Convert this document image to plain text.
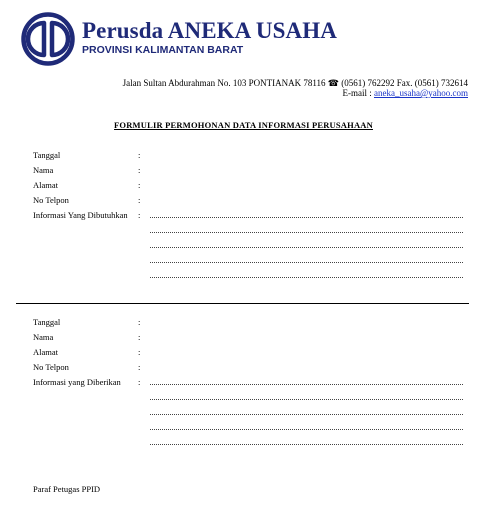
Perusda ANEKA USAHA
PROVINSI KALIMANTAN BARAT
Jalan Sultan Abdurahman No. 103 PONTIANAK 78116 ☎ (0561) 762292 Fax. (0561) 732614
E-mail : aneka_usaha@yahoo.com
FORMULIR PERMOHONAN DATA INFORMASI PERUSAHAAN
Tanggal	:
Nama	:
Alamat	:
No Telpon	:
Informasi Yang Dibutuhkan :
Tanggal	:
Nama	:
Alamat	:
No Telpon	:
Informasi yang Diberikan :
Paraf Petugas PPID
